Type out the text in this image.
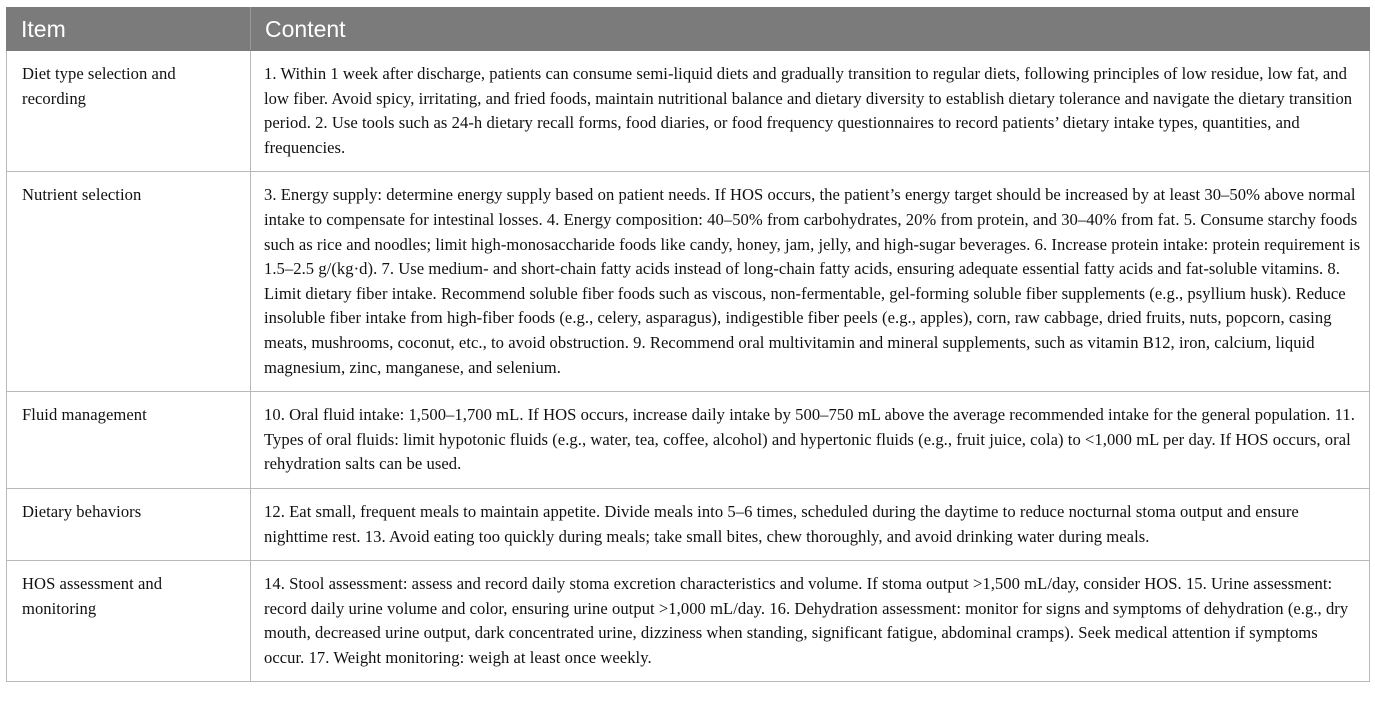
Item	Content
Diet type selection and recording	1. Within 1 week after discharge, patients can consume semi-liquid diets and gradually transition to regular diets, following principles of low residue, low fat, and low fiber. Avoid spicy, irritating, and fried foods, maintain nutritional balance and dietary diversity to establish dietary tolerance and navigate the dietary transition period. 2. Use tools such as 24-h dietary recall forms, food diaries, or food frequency questionnaires to record patients’ dietary intake types, quantities, and frequencies.
Nutrient selection	3. Energy supply: determine energy supply based on patient needs. If HOS occurs, the patient’s energy target should be increased by at least 30–50% above normal intake to compensate for intestinal losses. 4. Energy composition: 40–50% from carbohydrates, 20% from protein, and 30–40% from fat. 5. Consume starchy foods such as rice and noodles; limit high-monosaccharide foods like candy, honey, jam, jelly, and high-sugar beverages. 6. Increase protein intake: protein requirement is 1.5–2.5 g/(kg·d). 7. Use medium- and short-chain fatty acids instead of long-chain fatty acids, ensuring adequate essential fatty acids and fat-soluble vitamins. 8. Limit dietary fiber intake. Recommend soluble fiber foods such as viscous, non-fermentable, gel-forming soluble fiber supplements (e.g., psyllium husk). Reduce insoluble fiber intake from high-fiber foods (e.g., celery, asparagus), indigestible fiber peels (e.g., apples), corn, raw cabbage, dried fruits, nuts, popcorn, casing meats, mushrooms, coconut, etc., to avoid obstruction. 9. Recommend oral multivitamin and mineral supplements, such as vitamin B12, iron, calcium, liquid magnesium, zinc, manganese, and selenium.
Fluid management	10. Oral fluid intake: 1,500–1,700 mL. If HOS occurs, increase daily intake by 500–750 mL above the average recommended intake for the general population. 11. Types of oral fluids: limit hypotonic fluids (e.g., water, tea, coffee, alcohol) and hypertonic fluids (e.g., fruit juice, cola) to <1,000 mL per day. If HOS occurs, oral rehydration salts can be used.
Dietary behaviors	12. Eat small, frequent meals to maintain appetite. Divide meals into 5–6 times, scheduled during the daytime to reduce nocturnal stoma output and ensure nighttime rest. 13. Avoid eating too quickly during meals; take small bites, chew thoroughly, and avoid drinking water during meals.
HOS assessment and monitoring	14. Stool assessment: assess and record daily stoma excretion characteristics and volume. If stoma output >1,500 mL/day, consider HOS. 15. Urine assessment: record daily urine volume and color, ensuring urine output >1,000 mL/day. 16. Dehydration assessment: monitor for signs and symptoms of dehydration (e.g., dry mouth, decreased urine output, dark concentrated urine, dizziness when standing, significant fatigue, abdominal cramps). Seek medical attention if symptoms occur. 17. Weight monitoring: weigh at least once weekly.
